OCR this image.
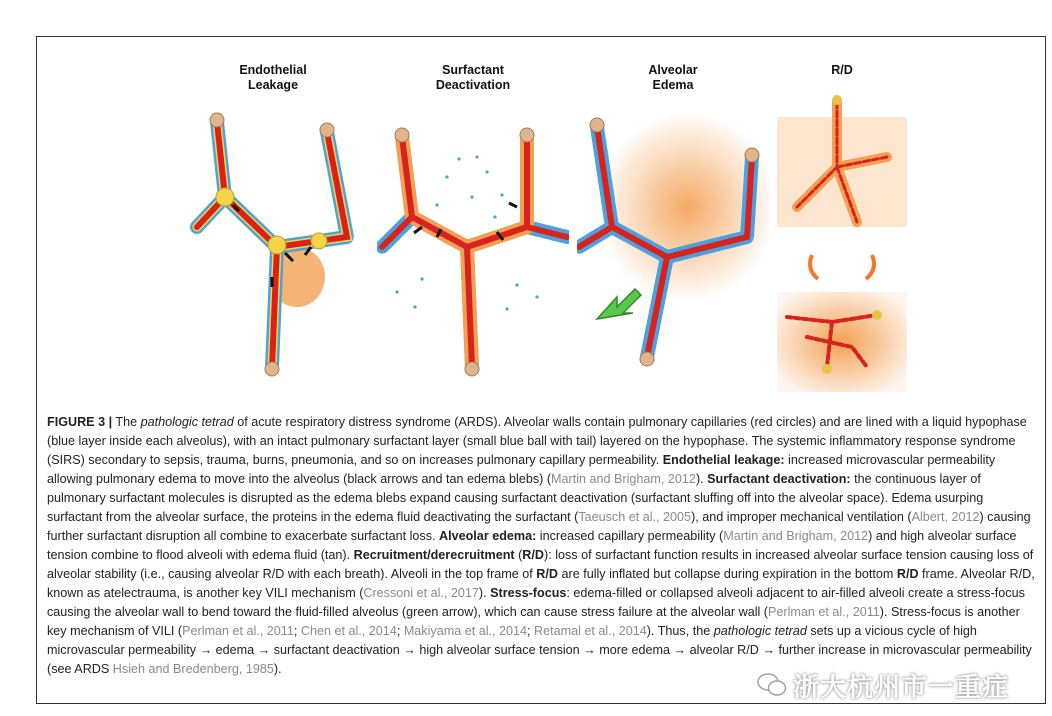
Endothelial
Leakage
Surfactant
Deactivation
Alveolar
Edema
R/D
FIGURE 3 | The pathologic tetrad of acute respiratory distress syndrome (ARDS). Alveolar walls contain pulmonary capillaries (red circles) and are lined with a liquid hypophase (blue layer inside each alveolus), with an intact pulmonary surfactant layer (small blue ball with tail) layered on the hypophase. The systemic inflammatory response syndrome (SIRS) secondary to sepsis, trauma, burns, pneumonia, and so on increases pulmonary capillary permeability. Endothelial leakage: increased microvascular permeability allowing pulmonary edema to move into the alveolus (black arrows and tan edema blebs) (Martin and Brigham, 2012). Surfactant deactivation: the continuous layer of pulmonary surfactant molecules is disrupted as the edema blebs expand causing surfactant deactivation (surfactant sluffing off into the alveolar space). Edema usurping surfactant from the alveolar surface, the proteins in the edema fluid deactivating the surfactant (Taeusch et al., 2005), and improper mechanical ventilation (Albert, 2012) causing further surfactant disruption all combine to exacerbate surfactant loss. Alveolar edema: increased capillary permeability (Martin and Brigham, 2012) and high alveolar surface tension combine to flood alveoli with edema fluid (tan). Recruitment/derecruitment (R/D): loss of surfactant function results in increased alveolar surface tension causing loss of alveolar stability (i.e., causing alveolar R/D with each breath). Alveoli in the top frame of R/D are fully inflated but collapse during expiration in the bottom R/D frame. Alveolar R/D, known as atelectrauma, is another key VILI mechanism (Cressoni et al., 2017). Stress-focus: edema-filled or collapsed alveoli adjacent to air-filled alveoli create a stress-focus causing the alveolar wall to bend toward the fluid-filled alveolus (green arrow), which can cause stress failure at the alveolar wall (Perlman et al., 2011). Stress-focus is another key mechanism of VILI (Perlman et al., 2011; Chen et al., 2014; Makiyama et al., 2014; Retamal et al., 2014). Thus, the pathologic tetrad sets up a vicious cycle of high microvascular permeability → edema → surfactant deactivation → high alveolar surface tension → more edema → alveolar R/D → further increase in microvascular permeability (see ARDS Hsieh and Bredenberg, 1985).
浙大杭州市一重症
